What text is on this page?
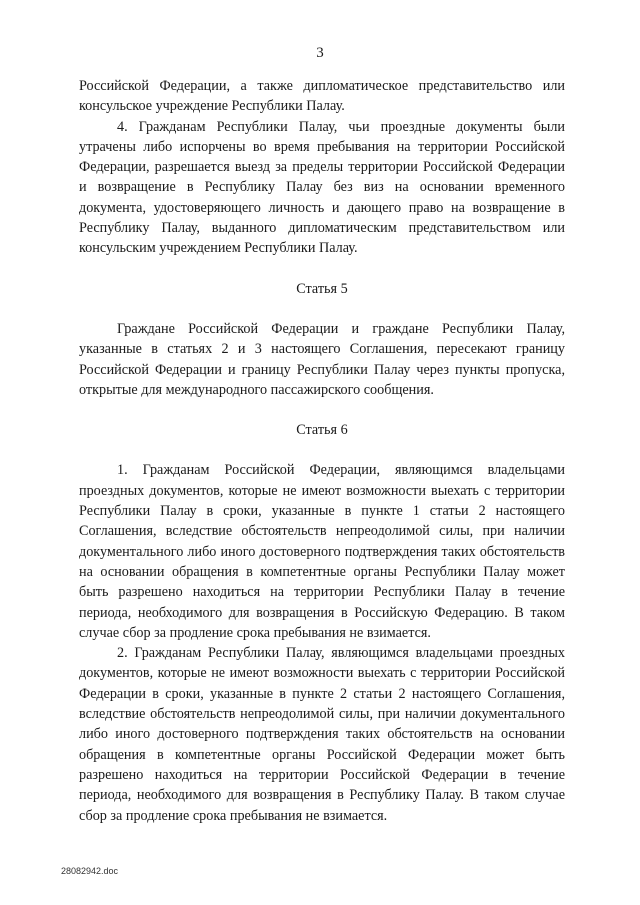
3

Российской Федерации, а также дипломатическое представительство или консульское учреждение Республики Палау.

4. Гражданам Республики Палау, чьи проездные документы были утрачены либо испорчены во время пребывания на территории Российской Федерации, разрешается выезд за пределы территории Российской Федерации и возвращение в Республику Палау без виз на основании временного документа, удостоверяющего личность и дающего право на возвращение в Республику Палау, выданного дипломатическим представительством или консульским учреждением Республики Палау.

Статья 5

Граждане Российской Федерации и граждане Республики Палау, указанные в статьях 2 и 3 настоящего Соглашения, пересекают границу Российской Федерации и границу Республики Палау через пункты пропуска, открытые для международного пассажирского сообщения.

Статья 6

1. Гражданам Российской Федерации, являющимся владельцами проездных документов, которые не имеют возможности выехать с территории Республики Палау в сроки, указанные в пункте 1 статьи 2 настоящего Соглашения, вследствие обстоятельств непреодолимой силы, при наличии документального либо иного достоверного подтверждения таких обстоятельств на основании обращения в компетентные органы Республики Палау может быть разрешено находиться на территории Республики Палау в течение периода, необходимого для возвращения в Российскую Федерацию. В таком случае сбор за продление срока пребывания не взимается.

2. Гражданам Республики Палау, являющимся владельцами проездных документов, которые не имеют возможности выехать с территории Российской Федерации в сроки, указанные в пункте 2 статьи 2 настоящего Соглашения, вследствие обстоятельств непреодолимой силы, при наличии документального либо иного достоверного подтверждения таких обстоятельств на основании обращения в компетентные органы Российской Федерации может быть разрешено находиться на территории Российской Федерации в течение периода, необходимого для возвращения в Республику Палау. В таком случае сбор за продление срока пребывания не взимается.

28082942.doc
